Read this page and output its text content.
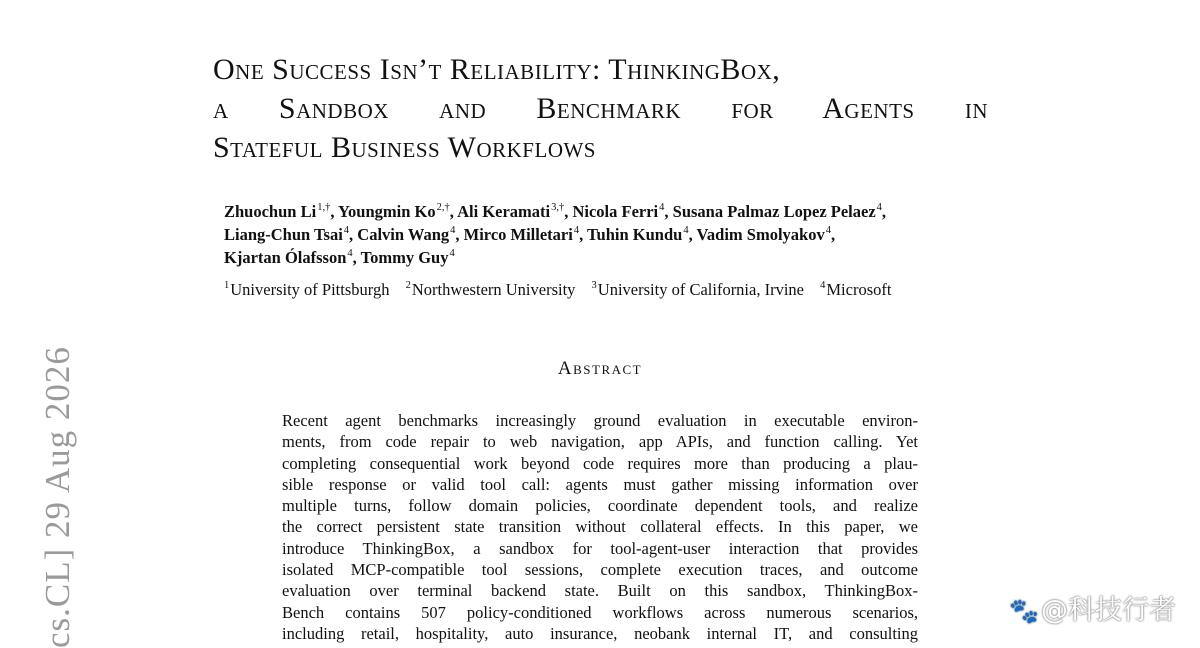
One Success Isn’t Reliability: ThinkingBox,
a Sandbox and Benchmark for Agents in
Stateful Business Workflows
Zhuochun $Li^{1,\dagger}$, Youngmin $Ko^{2,\dagger}$, Ali Keramati$^{3,\dagger}$, Nicola Ferri$^4$, Susana Palmaz Lopez Pelaez$^4$,
Liang-Chun Tsai$^4$, Calvin Wang$^4$, Mirco Milletari$^4$, Tuhin Kundu$^4$, Vadim Smolyakov$^4$,
Kjartan Ólafsson$^4$, Tommy Guy$^4$
$^1$University of Pittsburgh $^2$Northwestern University $^3$University of California, Irvine $^4$Microsoft
Abstract
Recent agent benchmarks increasingly ground evaluation in executable environ-
ments, from code repair to web navigation, app APIs, and function calling. Yet
completing consequential work beyond code requires more than producing a plau-
sible response or valid tool call: agents must gather missing information over
multiple turns, follow domain policies, coordinate dependent tools, and realize
the correct persistent state transition without collateral effects. In this paper, we
introduce ThinkingBox, a sandbox for tool-agent-user interaction that provides
isolated MCP-compatible tool sessions, complete execution traces, and outcome
evaluation over terminal backend state. Built on this sandbox, ThinkingBox-
Bench contains 507 policy-conditioned workflows across numerous scenarios,
including retail, hospitality, auto insurance, neobank internal IT, and consulting
cs.CL] 29 Aug 2026	🐾@科技行者
